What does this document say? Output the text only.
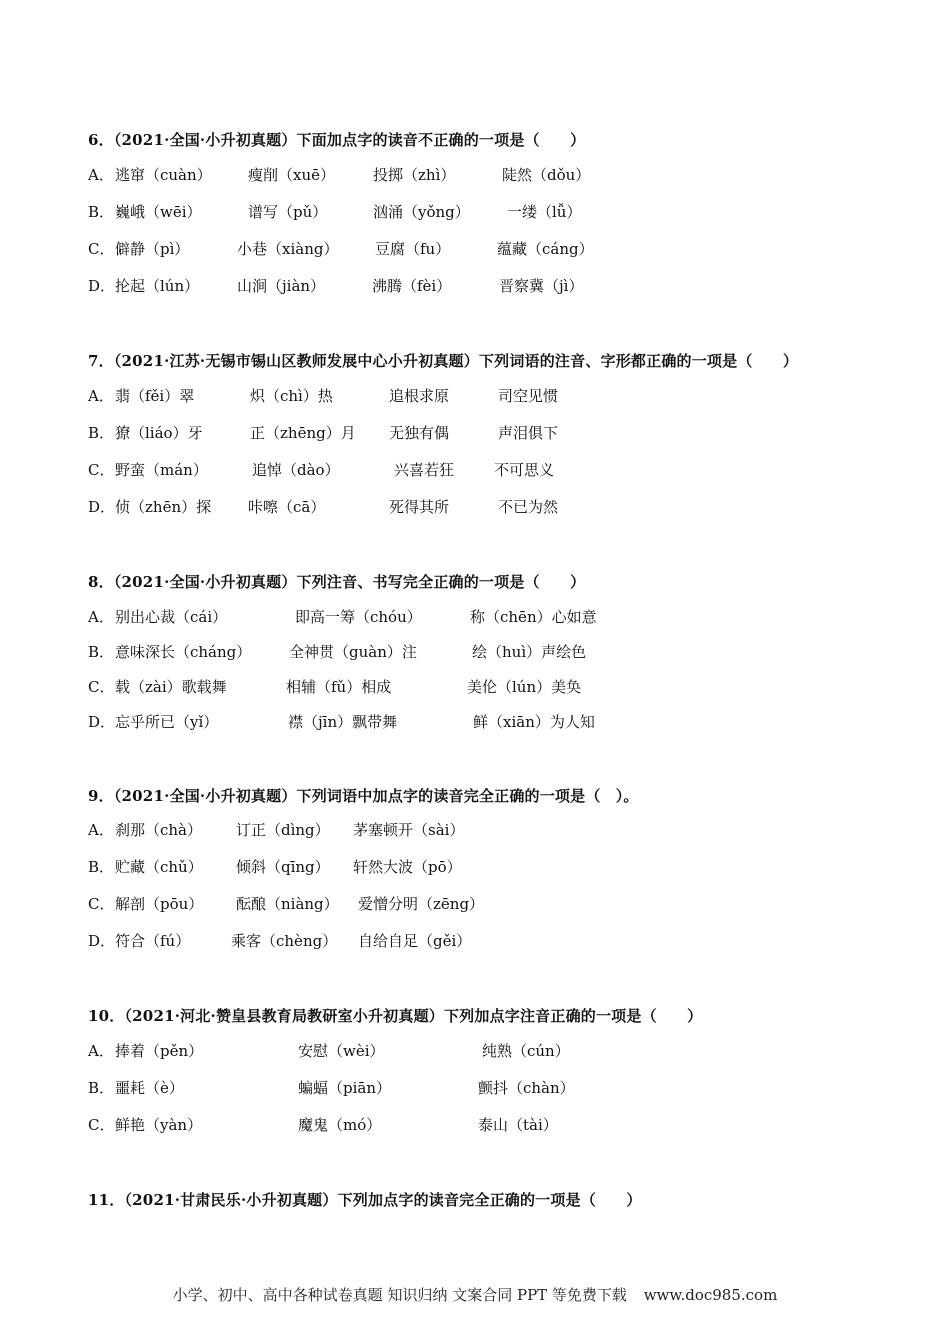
6．（2021·全国·小升初真题）下面加点字的读音不正确的一项是（　　）
A． 逃窜（cuàn） 瘦削（xuē）	投掷（zhì）	陡然（dǒu）
B． 巍峨（wēi）	谱写（pǔ）	汹涌（yǒng） 一缕（lǚ）
C． 僻静（pì）	小巷（xiàng） 豆腐（fu）	蕴藏（cáng）
D． 抡起（lún）	山涧（jiàn）	沸腾（fèi）	晋察冀（jì）
7．（2021·江苏·无锡市锡山区教师发展中心小升初真题）下列词语的注音、字形都正确的一项是（　　）
A． 翡（fěi）翠	炽（chì）热	追根求原	司空见惯
B． 獠（liáo）牙	正（zhēng）月 无独有偶	声泪俱下
C． 野蛮（mán）	追悼（dào）	兴喜若狂	不可思义
D． 侦（zhēn）探 咔嚓（cā）	死得其所	不已为然
8．（2021·全国·小升初真题）下列注音、书写完全正确的一项是（　　）
A． 别出心裁（cái）	即高一筹（chóu）	称（chēn）心如意
B． 意味深长（cháng）	全神贯（guàn）注	绘（huì）声绘色
C． 载（zài）歌载舞	相辅（fǔ）相成	美伦（lún）美奂
D． 忘乎所已（yǐ）	襟（jīn）飘带舞	鲜（xiān）为人知
9．（2021·全国·小升初真题）下列词语中加点字的读音完全正确的一项是（　）。
A． 刹那（chà） 订正（dìng） 茅塞顿开（sài）
B． 贮藏（chǔ） 倾斜（qīng） 轩然大波（pō）
C． 解剖（pōu） 酝酿（niàng） 爱憎分明（zēng）
D． 符合（fú）	乘客（chèng） 自给自足（gěi）
10．（2021·河北·赞皇县教育局教研室小升初真题）下列加点字注音正确的一项是（　　）
A． 捧着（pěn）	安慰（wèi）	纯熟（cún）
B． 噩耗（è）	蝙蝠（piān）	颤抖（chàn）
C． 鲜艳（yàn）	魔鬼（mó）	泰山（tài）
11．（2021·甘肃民乐·小升初真题）下列加点字的读音完全正确的一项是（　　）
小学、初中、高中各种试卷真题 知识归纳 文案合同 PPT 等免费下载 www.doc985.com
